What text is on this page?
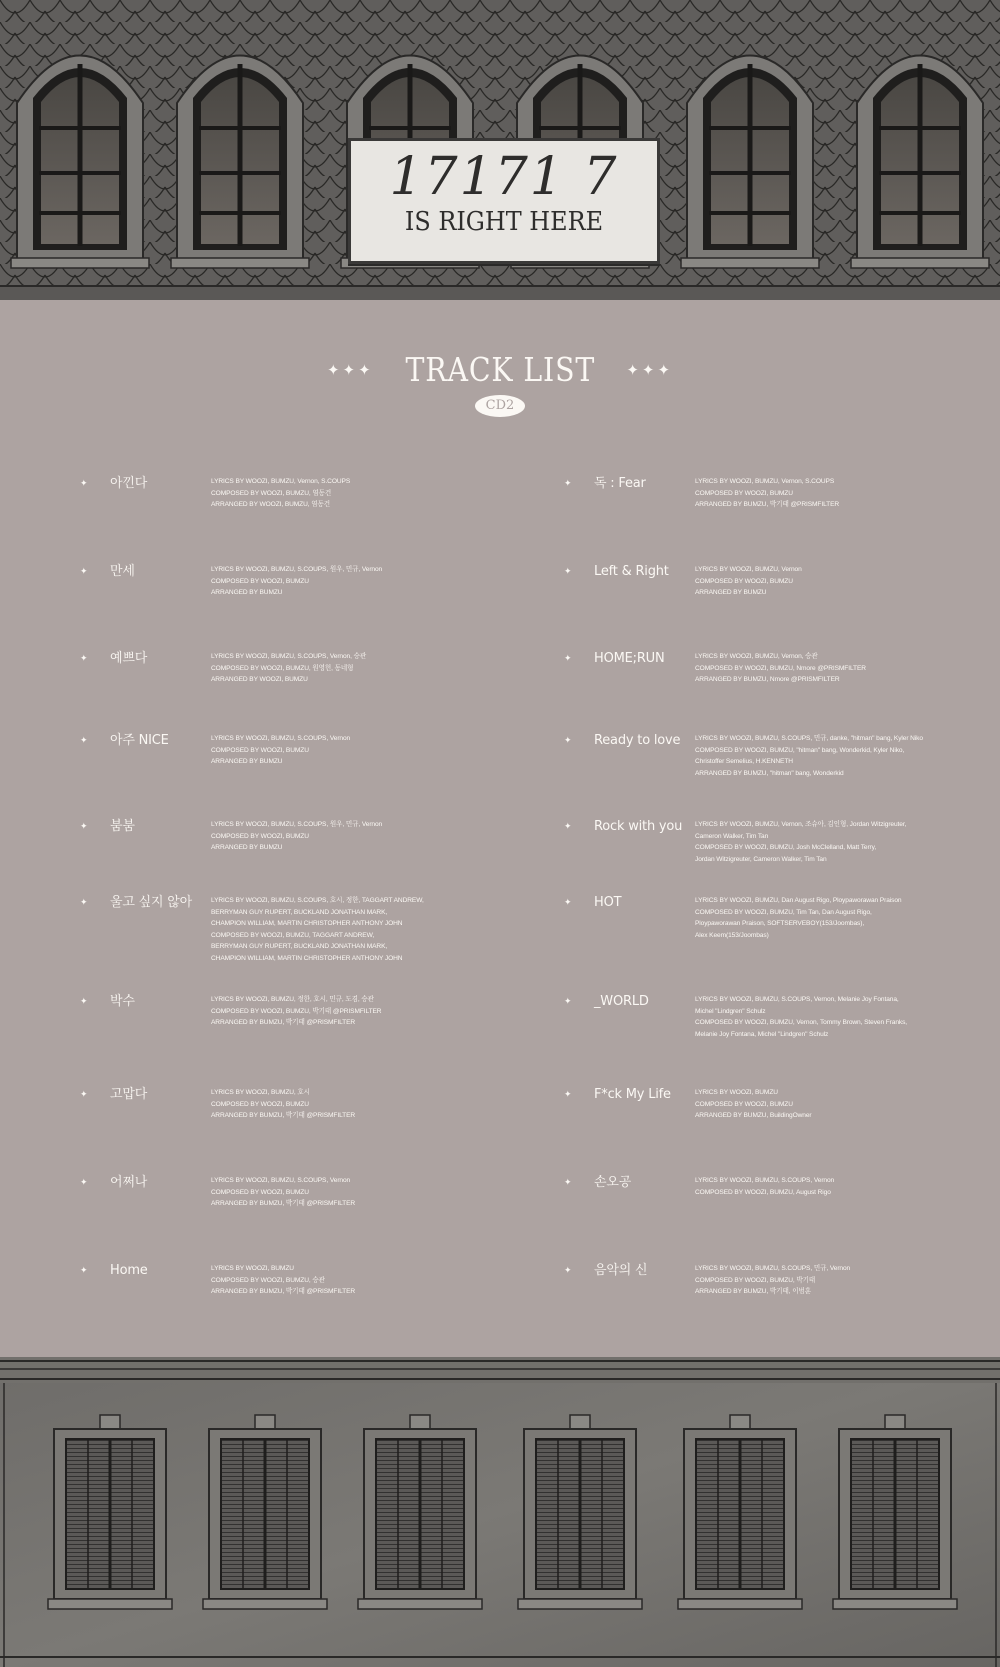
17171 7
IS RIGHT HERE
✦✦✦ TRACK LIST ✦✦✦
CD2
✦	아낀다	LYRICS BY WOOZI, BUMZU, Vernon, S.COUPS
COMPOSED BY WOOZI, BUMZU, 염동건
ARRANGED BY WOOZI, BUMZU, 염동건
✦	만세	LYRICS BY WOOZI, BUMZU, S.COUPS, 원우, 민규, Vernon
COMPOSED BY WOOZI, BUMZU
ARRANGED BY BUMZU
✦	예쁘다	LYRICS BY WOOZI, BUMZU, S.COUPS, Vernon, 승관
COMPOSED BY WOOZI, BUMZU, 원영헌, 동네형
ARRANGED BY WOOZI, BUMZU
✦	아주 NICE	LYRICS BY WOOZI, BUMZU, S.COUPS, Vernon
COMPOSED BY WOOZI, BUMZU
ARRANGED BY BUMZU
✦	붐붐	LYRICS BY WOOZI, BUMZU, S.COUPS, 원우, 민규, Vernon
COMPOSED BY WOOZI, BUMZU
ARRANGED BY BUMZU
✦	울고 싶지 않아	LYRICS BY WOOZI, BUMZU, S.COUPS, 호시, 정한, TAGGART ANDREW,
BERRYMAN GUY RUPERT, BUCKLAND JONATHAN MARK,
CHAMPION WILLIAM, MARTIN CHRISTOPHER ANTHONY JOHN
COMPOSED BY WOOZI, BUMZU, TAGGART ANDREW,
BERRYMAN GUY RUPERT, BUCKLAND JONATHAN MARK,
CHAMPION WILLIAM, MARTIN CHRISTOPHER ANTHONY JOHN
✦	박수	LYRICS BY WOOZI, BUMZU, 정한, 호시, 민규, 도겸, 승관
COMPOSED BY WOOZI, BUMZU, 박기태 @PRISMFILTER
ARRANGED BY BUMZU, 박기태 @PRISMFILTER
✦	고맙다	LYRICS BY WOOZI, BUMZU, 호시
COMPOSED BY WOOZI, BUMZU
ARRANGED BY BUMZU, 박기태 @PRISMFILTER
✦	어쩌나	LYRICS BY WOOZI, BUMZU, S.COUPS, Vernon
COMPOSED BY WOOZI, BUMZU
ARRANGED BY BUMZU, 박기태 @PRISMFILTER
✦	Home	LYRICS BY WOOZI, BUMZU
COMPOSED BY WOOZI, BUMZU, 승관
ARRANGED BY BUMZU, 박기태 @PRISMFILTER
✦	독 : Fear	LYRICS BY WOOZI, BUMZU, Vernon, S.COUPS
COMPOSED BY WOOZI, BUMZU
ARRANGED BY BUMZU, 박기태 @PRISMFILTER
✦	Left & Right	LYRICS BY WOOZI, BUMZU, Vernon
COMPOSED BY WOOZI, BUMZU
ARRANGED BY BUMZU
✦	HOME;RUN	LYRICS BY WOOZI, BUMZU, Vernon, 승관
COMPOSED BY WOOZI, BUMZU, Nmore @PRISMFILTER
ARRANGED BY BUMZU, Nmore @PRISMFILTER
✦	Ready to love	LYRICS BY WOOZI, BUMZU, S.COUPS, 민규, danke, "hitman" bang, Kyler Niko
COMPOSED BY WOOZI, BUMZU, "hitman" bang, Wonderkid, Kyler Niko,
Christoffer Semelius, H.KENNETH
ARRANGED BY BUMZU, "hitman" bang, Wonderkid
✦	Rock with you	LYRICS BY WOOZI, BUMZU, Vernon, 조슈아, 김인형, Jordan Witzigreuter,
Cameron Walker, Tim Tan
COMPOSED BY WOOZI, BUMZU, Josh McClelland, Matt Terry,
Jordan Witzigreuter, Cameron Walker, Tim Tan
✦	HOT	LYRICS BY WOOZI, BUMZU, Dan August Rigo, Ploypaworawan Praison
COMPOSED BY WOOZI, BUMZU, Tim Tan, Dan August Rigo,
Ploypaworawan Praison, SOFTSERVEBOY(153/Joombas),
Alex Keem(153/Joombas)
✦	_WORLD	LYRICS BY WOOZI, BUMZU, S.COUPS, Vernon, Melanie Joy Fontana,
Michel "Lindgren" Schulz
COMPOSED BY WOOZI, BUMZU, Vernon, Tommy Brown, Steven Franks,
Melanie Joy Fontana, Michel "Lindgren" Schulz
✦	F*ck My Life	LYRICS BY WOOZI, BUMZU
COMPOSED BY WOOZI, BUMZU
ARRANGED BY BUMZU, BuildingOwner
✦	손오공	LYRICS BY WOOZI, BUMZU, S.COUPS, Vernon
COMPOSED BY WOOZI, BUMZU, August Rigo
✦	음악의 신	LYRICS BY WOOZI, BUMZU, S.COUPS, 민규, Vernon
COMPOSED BY WOOZI, BUMZU, 박기태
ARRANGED BY BUMZU, 박기태, 이범훈
